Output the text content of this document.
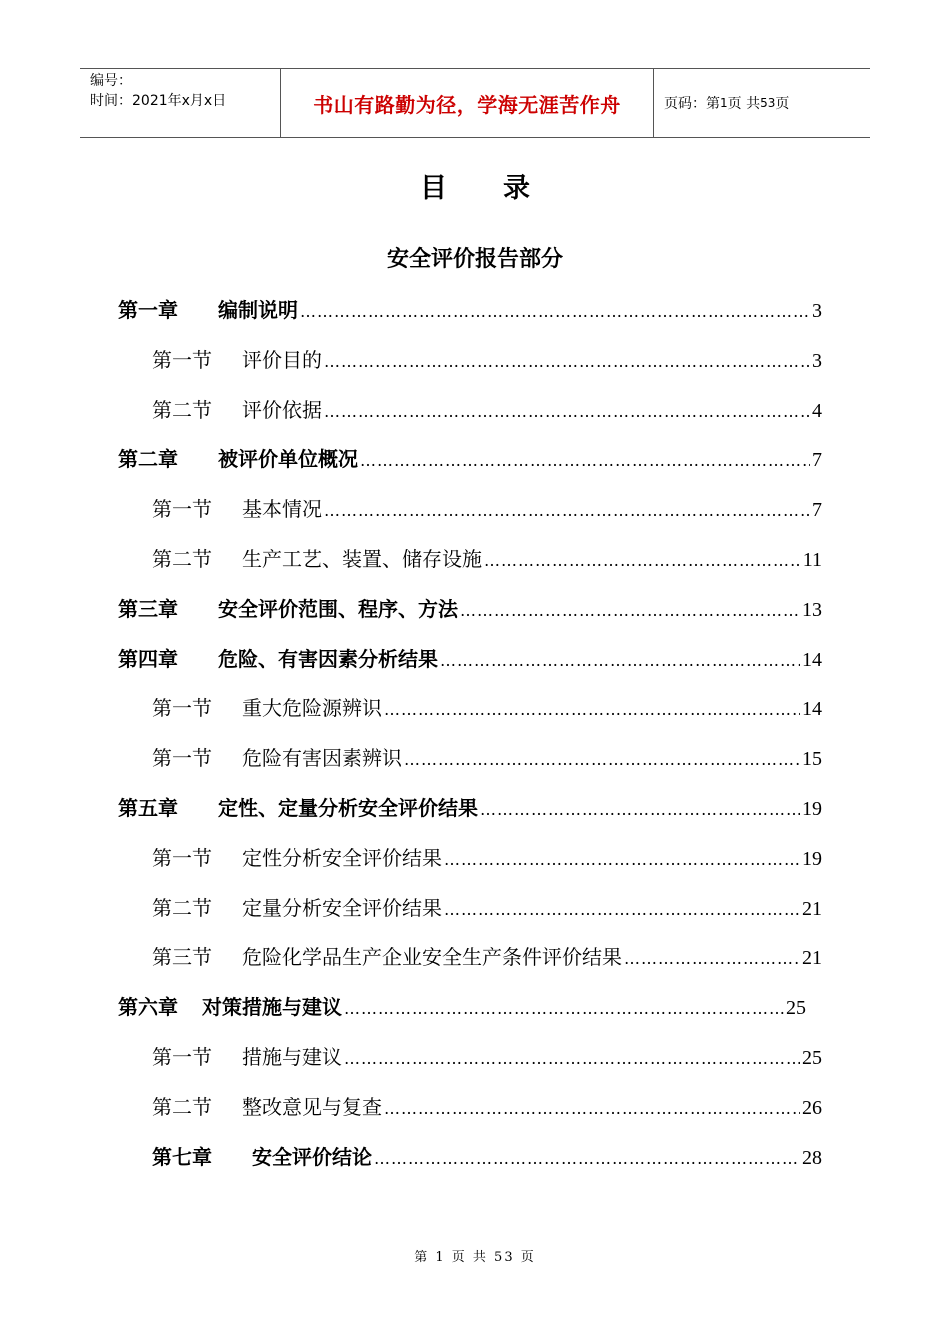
编号：
时间：2021年x月x日	书山有路勤为径，学海无涯苦作舟	页码：第 1 页 共 53 页
目录
安全评价报告部分
第一章	编制说明 …………………………………………………………………………………………………………………………………………………………………………………………………………………………	3
第一节	评价目的 …………………………………………………………………………………………………………………………………………………………………………………………………………………………	3
第二节	评价依据 …………………………………………………………………………………………………………………………………………………………………………………………………………………………	4
第二章	被评价单位概况 …………………………………………………………………………………………………………………………………………………………………………………………………………………………	7
第一节	基本情况 …………………………………………………………………………………………………………………………………………………………………………………………………………………………	7
第二节	生产工艺、装置、储存设施 …………………………………………………………………………………………………………………………………………………………………………………………………………………………	11
第三章	安全评价范围、程序、方法 …………………………………………………………………………………………………………………………………………………………………………………………………………………………	13
第四章	危险、有害因素分析结果 …………………………………………………………………………………………………………………………………………………………………………………………………………………………	14
第一节	重大危险源辨识 …………………………………………………………………………………………………………………………………………………………………………………………………………………………	14
第一节	危险有害因素辨识 …………………………………………………………………………………………………………………………………………………………………………………………………………………………	15
第五章	定性、定量分析安全评价结果 …………………………………………………………………………………………………………………………………………………………………………………………………………………………	19
第一节	定性分析安全评价结果 …………………………………………………………………………………………………………………………………………………………………………………………………………………………	19
第二节	定量分析安全评价结果 …………………………………………………………………………………………………………………………………………………………………………………………………………………………	21
第三节	危险化学品生产企业安全生产条件评价结果 …………………………………………………………………………………………………………………………………………………………………………………………………………………………	21
第六章	对策措施与建议 …………………………………………………………………………………………………………………………………………………………………………………………………………………………	25
第一节	措施与建议 …………………………………………………………………………………………………………………………………………………………………………………………………………………………	25
第二节	整改意见与复查 …………………………………………………………………………………………………………………………………………………………………………………………………………………………	26
第七章	安全评价结论 …………………………………………………………………………………………………………………………………………………………………………………………………………………………	28
第 1 页 共 53 页
